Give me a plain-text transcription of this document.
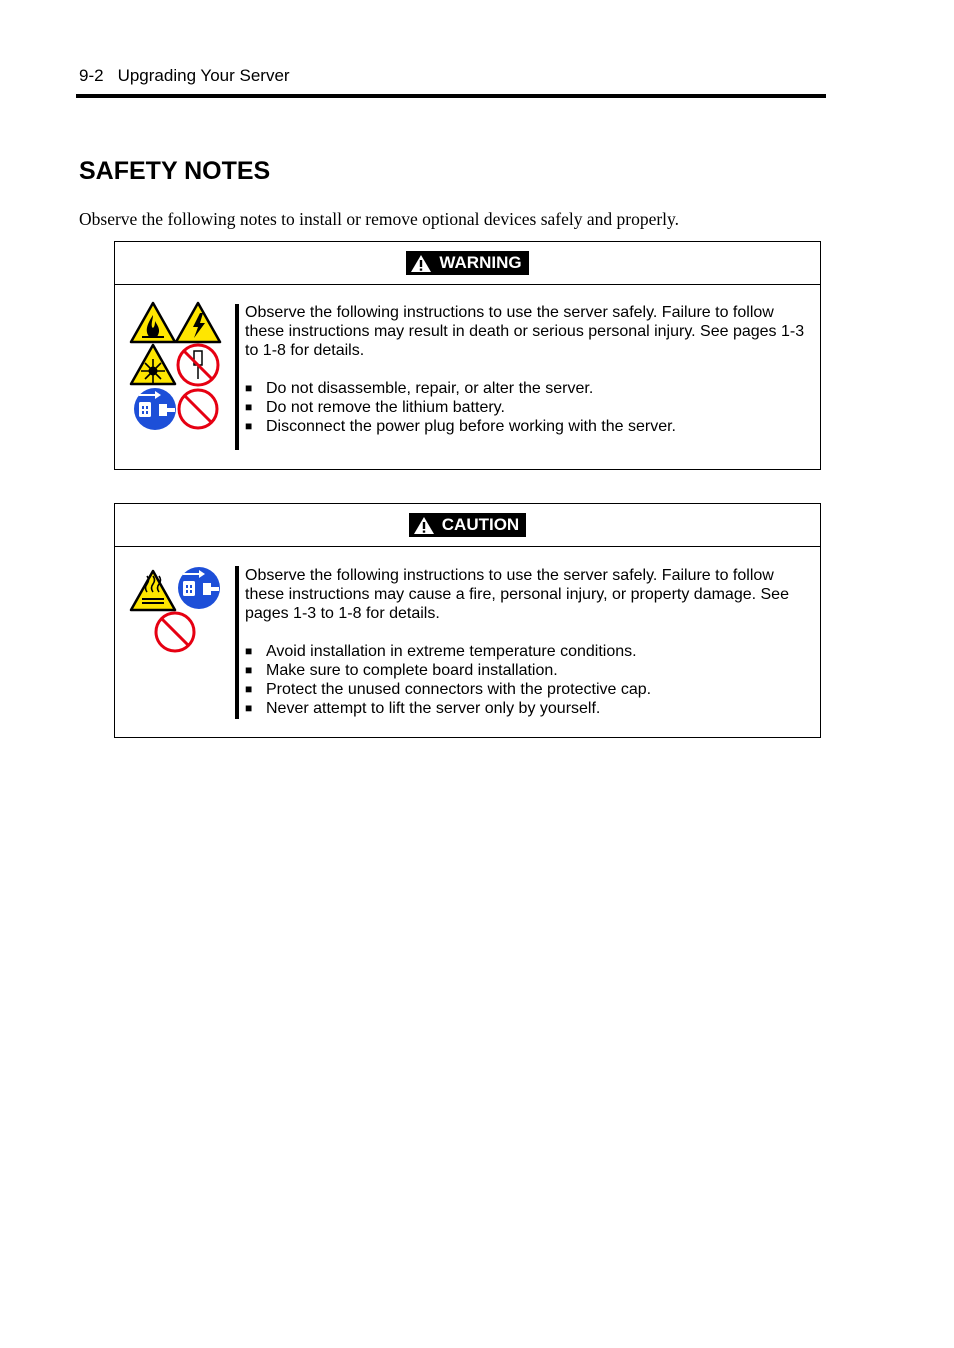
9-2 Upgrading Your Server
SAFETY NOTES

Observe the following notes to install or remove optional devices safely and properly.

WARNING

Observe the following instructions to use the server safely. Failure to follow these instructions may result in death or serious personal injury. See pages 1-3 to 1-8 for details.

■ Do not disassemble, repair, or alter the server.
■ Do not remove the lithium battery.
■ Disconnect the power plug before working with the server.
CAUTION

Observe the following instructions to use the server safely. Failure to follow these instructions may cause a fire, personal injury, or property damage. See pages 1-3 to 1-8 for details.

■ Avoid installation in extreme temperature conditions.
■ Make sure to complete board installation.
■ Protect the unused connectors with the protective cap.
■ Never attempt to lift the server only by yourself.
